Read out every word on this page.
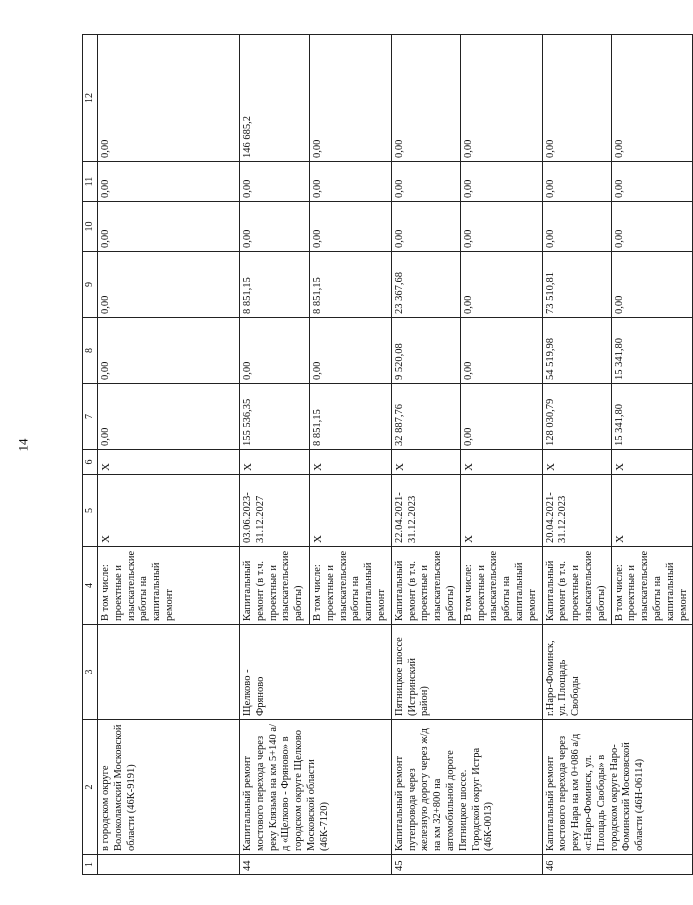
14
1	2	3	4	5	6	7	8	9	10	11	12
	в городском округе Волоколамский Московской области (46К-9191)		В том числе: проектные и изыскательские работы на капитальный ремонт	X	X	0,00	0,00	0,00	0,00	0,00	0,00
44	Капитальный ремонт мостового перехода через реку Клязьма на км 5+140 а/д «Щелково - Фряново» в городском округе Щелково Московской области (46К-7120)	Щелково - Фряново	Капитальный ремонт (в т.ч. проектные и изыскательские работы)	03.06.2023-31.12.2027	X	155 536,35	0,00	8 851,15	0,00	0,00	146 685,2
			В том числе: проектные и изыскательские работы на капитальный ремонт	X	X	8 851,15	0,00	8 851,15	0,00	0,00	0,00
45	Капитальный ремонт путепровода через железную дорогу через ж/д на км 32+800 на автомобильной дороге Пятницкое шоссе. Городской округ Истра (46К-0013)	Пятницкое шоссе (Истринский район)	Капитальный ремонт (в т.ч. проектные и изыскательские работы)	22.04.2021-31.12.2023	X	32 887,76	9 520,08	23 367,68	0,00	0,00	0,00
			В том числе: проектные и изыскательские работы на капитальный ремонт	X	X	0,00	0,00	0,00	0,00	0,00	0,00
46	Капитальный ремонт мостового перехода через реку Нара на км 0+086 а/д «г.Наро-Фоминск, ул. Площадь Свободы» в городском округе Наро-Фоминский Московской области (46Н-06114)	г.Наро-Фоминск, ул. Площадь Свободы	Капитальный ремонт (в т.ч. проектные и изыскательские работы)	20.04.2021-31.12.2023	X	128 030,79	54 519,98	73 510,81	0,00	0,00	0,00
			В том числе: проектные и изыскательские работы на капитальный ремонт	X	X	15 341,80	15 341,80	0,00	0,00	0,00	0,00
